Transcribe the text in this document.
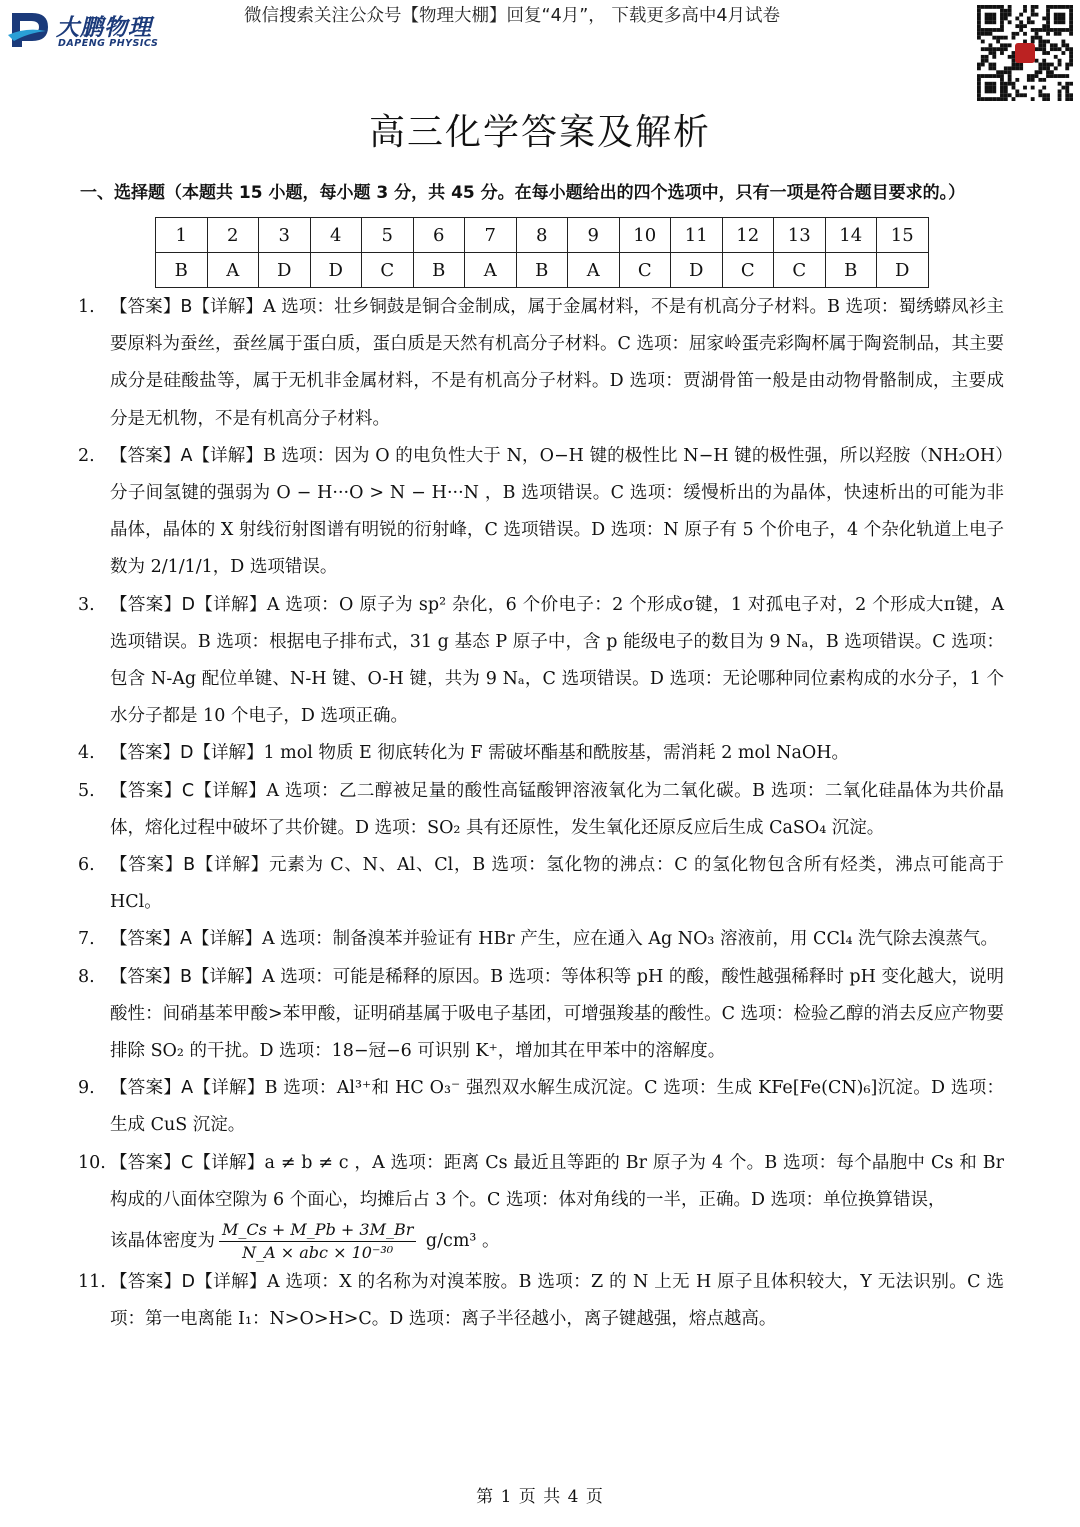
大鹏物理
DAPENG PHYSICS
微信搜索关注公众号【物理大棚】回复“4月”， 下载更多高中4月试卷
高三化学答案及解析
一、选择题（本题共 15 小题，每小题 3 分，共 45 分。在每小题给出的四个选项中，只有一项是符合题目要求的。）
1	2	3	4	5	6	7	8	9	10	11	12	13	14	15
B	A	D	D	C	B	A	B	A	C	D	C	C	B	D
1. 【答案】B【详解】A 选项：壮乡铜鼓是铜合金制成，属于金属材料，不是有机高分子材料。B 选项：蜀绣蟒凤衫主要原料为蚕丝，蚕丝属于蛋白质，蛋白质是天然有机高分子材料。C 选项：屈家岭蛋壳彩陶杯属于陶瓷制品，其主要成分是硅酸盐等，属于无机非金属材料，不是有机高分子材料。D 选项：贾湖骨笛一般是由动物骨骼制成，主要成分是无机物，不是有机高分子材料。
2. 【答案】A【详解】B 选项：因为 O 的电负性大于 N，O−H 键的极性比 N−H 键的极性强，所以羟胺（NH₂OH）分子间氢键的强弱为 O − H···O > N − H···N ，B 选项错误。C 选项：缓慢析出的为晶体，快速析出的可能为非晶体，晶体的 X 射线衍射图谱有明锐的衍射峰，C 选项错误。D 选项：N 原子有 5 个价电子，4 个杂化轨道上电子数为 2/1/1/1，D 选项错误。
3. 【答案】D【详解】A 选项：O 原子为 sp² 杂化，6 个价电子：2 个形成σ键，1 对孤电子对，2 个形成大π键，A 选项错误。B 选项：根据电子排布式，31 g 基态 P 原子中，含 p 能级电子的数目为 9 Nₐ，B 选项错误。C 选项：包含 N-Ag 配位单键、N-H 键、O-H 键，共为 9 Nₐ，C 选项错误。D 选项：无论哪种同位素构成的水分子，1 个水分子都是 10 个电子，D 选项正确。
4. 【答案】D【详解】1 mol 物质 E 彻底转化为 F 需破坏酯基和酰胺基，需消耗 2 mol NaOH。
5. 【答案】C【详解】A 选项：乙二醇被足量的酸性高锰酸钾溶液氧化为二氧化碳。B 选项：二氧化硅晶体为共价晶体，熔化过程中破坏了共价键。D 选项：SO₂ 具有还原性，发生氧化还原反应后生成 CaSO₄ 沉淀。
6. 【答案】B【详解】元素为 C、N、Al、Cl，B 选项：氢化物的沸点：C 的氢化物包含所有烃类，沸点可能高于 HCl。
7. 【答案】A【详解】A 选项：制备溴苯并验证有 HBr 产生，应在通入 Ag NO₃ 溶液前，用 CCl₄ 洗气除去溴蒸气。
8. 【答案】B【详解】A 选项：可能是稀释的原因。B 选项：等体积等 pH 的酸，酸性越强稀释时 pH 变化越大，说明酸性：间硝基苯甲酸>苯甲酸，证明硝基属于吸电子基团，可增强羧基的酸性。C 选项：检验乙醇的消去反应产物要排除 SO₂ 的干扰。D 选项：18−冠−6 可识别 K⁺，增加其在甲苯中的溶解度。
9. 【答案】A【详解】B 选项：Al³⁺和 HC O₃⁻ 强烈双水解生成沉淀。C 选项：生成 KFe[Fe(CN)₆]沉淀。D 选项：生成 CuS 沉淀。
10. 【答案】C【详解】a ≠ b ≠ c ，A 选项：距离 Cs 最近且等距的 Br 原子为 4 个。B 选项：每个晶胞中 Cs 和 Br 构成的八面体空隙为 6 个面心，均摊后占 3 个。C 选项：体对角线的一半，正确。D 选项：单位换算错误，
该晶体密度为 $\frac{M\_Cs + M\_Pb + 3M\_Br}{\text{N\_A × abc × 10⁻³⁰}} g/cm^3$ 。
11. 【答案】D【详解】A 选项：X 的名称为对溴苯胺。B 选项：Z 的 N 上无 H 原子且体积较大，Y 无法识别。C 选项：第一电离能 I₁：N>O>H>C。D 选项：离子半径越小，离子键越强，熔点越高。
第 1 页 共 4 页
